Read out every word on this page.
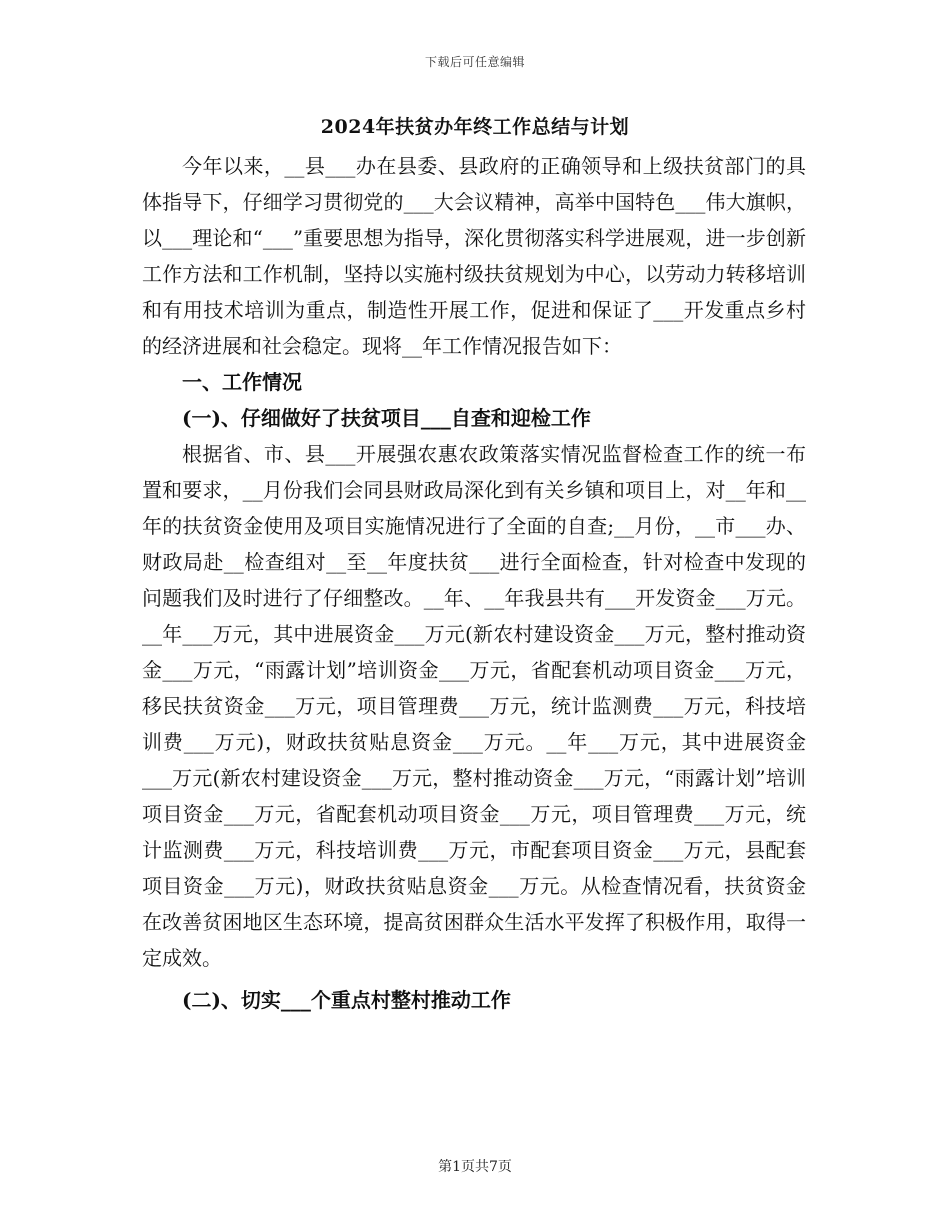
下载后可任意编辑
2024年扶贫办年终工作总结与计划

今年以来，__县___办在县委、县政府的正确领导和上级扶贫部门的具体指导下，仔细学习贯彻党的___大会议精神，高举中国特色___伟大旗帜，以___理论和“___”重要思想为指导，深化贯彻落实科学进展观，进一步创新工作方法和工作机制，坚持以实施村级扶贫规划为中心，以劳动力转移培训和有用技术培训为重点，制造性开展工作，促进和保证了___开发重点乡村的经济进展和社会稳定。现将__年工作情况报告如下：

一、工作情况

(一)、仔细做好了扶贫项目___自查和迎检工作

根据省、市、县___开展强农惠农政策落实情况监督检查工作的统一布置和要求，__月份我们会同县财政局深化到有关乡镇和项目上，对__年和__年的扶贫资金使用及项目实施情况进行了全面的自查;__月份，__市___办、财政局赴__检查组对__至__年度扶贫___进行全面检查，针对检查中发现的问题我们及时进行了仔细整改。__年、__年我县共有___开发资金___万元。__年___万元，其中进展资金___万元(新农村建设资金___万元，整村推动资金___万元，“雨露计划”培训资金___万元，省配套机动项目资金___万元，移民扶贫资金___万元，项目管理费___万元，统计监测费___万元，科技培训费___万元)，财政扶贫贴息资金___万元。__年___万元，其中进展资金___万元(新农村建设资金___万元，整村推动资金___万元，“雨露计划”培训项目资金___万元，省配套机动项目资金___万元，项目管理费___万元，统计监测费___万元，科技培训费___万元，市配套项目资金___万元，县配套项目资金___万元)，财政扶贫贴息资金___万元。从检查情况看，扶贫资金在改善贫困地区生态环境，提高贫困群众生活水平发挥了积极作用，取得一定成效。

(二)、切实___个重点村整村推动工作

第1页共7页
